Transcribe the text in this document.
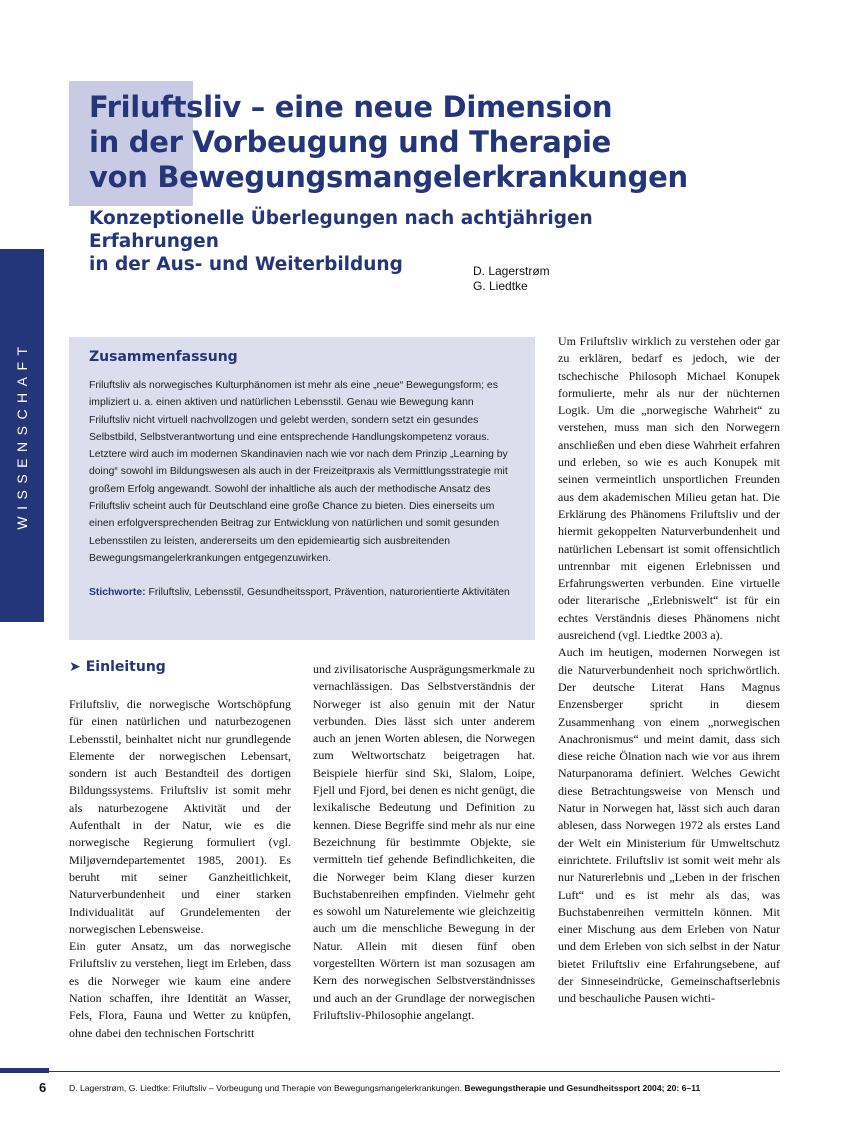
Friluftsliv – eine neue Dimension
in der Vorbeugung und Therapie
von Bewegungsmangelerkrankungen
Konzeptionelle Überlegungen nach achtjährigen Erfahrungen
in der Aus- und Weiterbildung	D. Lagerstrøm
G. Liedtke
WISSENSCHAFT	Zusammenfassung

Friluftsliv als norwegisches Kulturphänomen ist mehr als eine „neue“ Bewegungsform; es impliziert u. a. einen aktiven und natürlichen Lebensstil. Genau wie Bewegung kann Friluftsliv nicht virtuell nachvollzogen und gelebt werden, sondern setzt ein gesundes Selbstbild, Selbstverantwortung und eine entsprechende Handlungskompetenz voraus. Letztere wird auch im modernen Skandinavien nach wie vor nach dem Prinzip „Learning by doing“ sowohl im Bildungswesen als auch in der Freizeitpraxis als Vermittlungsstrategie mit großem Erfolg angewandt. Sowohl der inhaltliche als auch der methodische Ansatz des Friluftsliv scheint auch für Deutschland eine große Chance zu bieten. Dies einerseits um einen erfolgversprechenden Beitrag zur Entwicklung von natürlichen und somit gesunden Lebensstilen zu leisten, andererseits um den epidemieartig sich ausbreitenden Bewegungsmangelerkrankungen entgegenzuwirken.

Stichworte: Friluftsliv, Lebensstil, Gesundheitssport, Prävention, naturorientierte Aktivitäten

➤ Einleitung

Friluftsliv, die norwegische Wortschöpfung für einen natürlichen und naturbezogenen Lebensstil, beinhaltet nicht nur grundlegende Elemente der norwegischen Lebensart, sondern ist auch Bestandteil des dortigen Bildungssystems. Friluftsliv ist somit mehr als naturbezogene Aktivität und der Aufenthalt in der Natur, wie es die norwegische Regierung formuliert (vgl. Miljøverndepartementet 1985, 2001). Es beruht mit seiner Ganzheitlichkeit, Naturverbundenheit und einer starken Individualität auf Grundelementen der norwegischen Lebensweise.

Ein guter Ansatz, um das norwegische Friluftsliv zu verstehen, liegt im Erleben, dass es die Norweger wie kaum eine andere Nation schaffen, ihre Identität an Wasser, Fels, Flora, Fauna und Wetter zu knüpfen, ohne dabei den technischen Fortschritt

und zivilisatorische Ausprägungsmerkmale zu vernachlässigen. Das Selbstverständnis der Norweger ist also genuin mit der Natur verbunden. Dies lässt sich unter anderem auch an jenen Worten ablesen, die Norwegen zum Weltwortschatz beigetragen hat. Beispiele hierfür sind Ski, Slalom, Loipe, Fjell und Fjord, bei denen es nicht genügt, die lexikalische Bedeutung und Definition zu kennen. Diese Begriffe sind mehr als nur eine Bezeichnung für bestimmte Objekte, sie vermitteln tief gehende Befindlichkeiten, die die Norweger beim Klang dieser kurzen Buchstabenreihen empfinden. Vielmehr geht es sowohl um Naturelemente wie gleichzeitig auch um die menschliche Bewegung in der Natur. Allein mit diesen fünf oben vorgestellten Wörtern ist man sozusagen am Kern des norwegischen Selbstverständnisses und auch an der Grundlage der norwegischen Friluftsliv-Philosophie angelangt.

Um Friluftsliv wirklich zu verstehen oder gar zu erklären, bedarf es jedoch, wie der tschechische Philosoph Michael Konupek formulierte, mehr als nur der nüchternen Logik. Um die „norwegische Wahrheit“ zu verstehen, muss man sich den Norwegern anschließen und eben diese Wahrheit erfahren und erleben, so wie es auch Konupek mit seinen vermeintlich unsportlichen Freunden aus dem akademischen Milieu getan hat. Die Erklärung des Phänomens Friluftsliv und der hiermit gekoppelten Naturverbundenheit und natürlichen Lebensart ist somit offensichtlich untrennbar mit eigenen Erlebnissen und Erfahrungswerten verbunden. Eine virtuelle oder literarische „Erlebniswelt“ ist für ein echtes Verständnis dieses Phänomens nicht ausreichend (vgl. Liedtke 2003 a).

Auch im heutigen, modernen Norwegen ist die Naturverbundenheit noch sprichwörtlich. Der deutsche Literat Hans Magnus Enzensberger spricht in diesem Zusammenhang von einem „norwegischen Anachronismus“ und meint damit, dass sich diese reiche Ölnation nach wie vor aus ihrem Naturpanorama definiert. Welches Gewicht diese Betrachtungsweise von Mensch und Natur in Norwegen hat, lässt sich auch daran ablesen, dass Norwegen 1972 als erstes Land der Welt ein Ministerium für Umweltschutz einrichtete. Friluftsliv ist somit weit mehr als nur Naturerlebnis und „Leben in der frischen Luft“ und es ist mehr als das, was Buchstabenreihen vermitteln können. Mit einer Mischung aus dem Erleben von Natur und dem Erleben von sich selbst in der Natur bietet Friluftsliv eine Erfahrungsebene, auf der Sinneseindrücke, Gemeinschaftserlebnis und beschauliche Pausen wichti-

6	D. Lagerstrøm, G. Liedtke: Friluftsliv – Vorbeugung und Therapie von Bewegungsmangelerkrankungen. Bewegungstherapie und Gesundheitssport 2004; 20: 6–11
